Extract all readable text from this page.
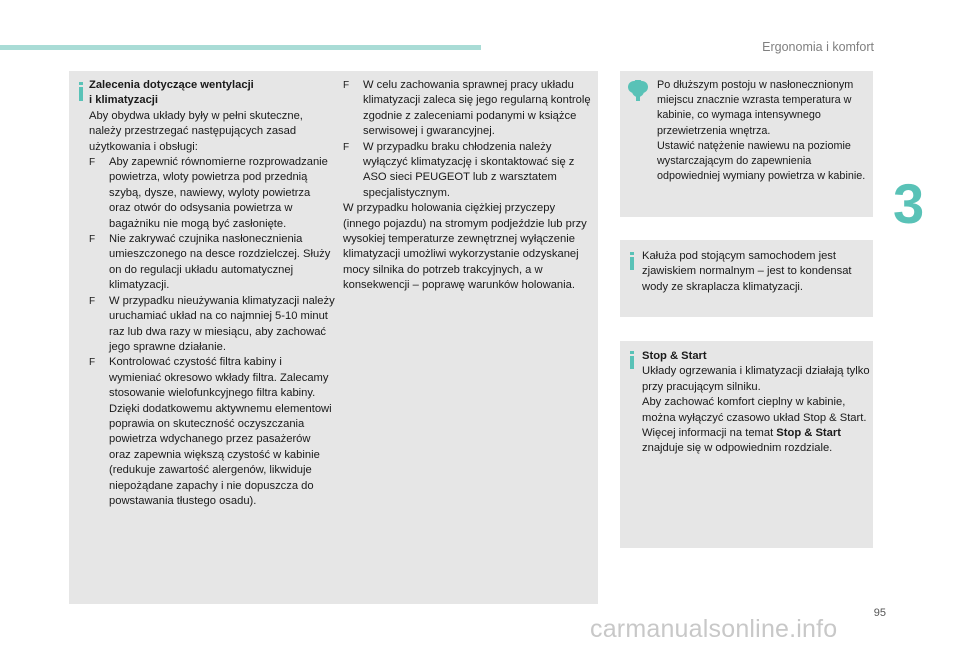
Ergonomia i komfort
3

Zalecenia dotyczące wentylacji

i klimatyzacji

Aby obydwa układy były w pełni skuteczne, należy przestrzegać następujących zasad użytkowania i obsługi:

F	Aby zapewnić równomierne rozprowadzanie powietrza, wloty powietrza pod przednią szybą, dysze, nawiewy, wyloty powietrza oraz otwór do odsysania powietrza w bagażniku nie mogą być zasłonięte.
F	Nie zakrywać czujnika nasłonecznienia umieszczonego na desce rozdzielczej. Służy on do regulacji układu automatycznej klimatyzacji.
F	W przypadku nieużywania klimatyzacji należy uruchamiać układ na co najmniej 5-10 minut raz lub dwa razy w miesiącu, aby zachować jego sprawne działanie.
F	Kontrolować czystość filtra kabiny i wymieniać okresowo wkłady filtra. Zalecamy stosowanie wielofunkcyjnego filtra kabiny. Dzięki dodatkowemu aktywnemu elementowi poprawia on skuteczność oczyszczania powietrza wdychanego przez pasażerów oraz zapewnia większą czystość w kabinie (redukuje zawartość alergenów, likwiduje niepożądane zapachy i nie dopuszcza do powstawania tłustego osadu).
F	W celu zachowania sprawnej pracy układu klimatyzacji zaleca się jego regularną kontrolę zgodnie z zaleceniami podanymi w książce serwisowej i gwarancyjnej.
F	W przypadku braku chłodzenia należy wyłączyć klimatyzację i skontaktować się z ASO sieci PEUGEOT lub z warsztatem specjalistycznym.

W przypadku holowania ciężkiej przyczepy (innego pojazdu) na stromym podjeździe lub przy wysokiej temperaturze zewnętrznej wyłączenie klimatyzacji umożliwi wykorzystanie odzyskanej mocy silnika do potrzeb trakcyjnych, a w konsekwencji – poprawę warunków holowania.

Po dłuższym postoju w nasłonecznionym miejscu znacznie wzrasta temperatura w kabinie, co wymaga intensywnego przewietrzenia wnętrza.

Ustawić natężenie nawiewu na poziomie wystarczającym do zapewnienia odpowiedniej wymiany powietrza w kabinie.

Kałuża pod stojącym samochodem jest zjawiskiem normalnym – jest to kondensat wody ze skraplacza klimatyzacji.

Stop & Start

Układy ogrzewania i klimatyzacji działają tylko przy pracującym silniku.

Aby zachować komfort cieplny w kabinie, można wyłączyć czasowo układ Stop & Start.

Więcej informacji na temat Stop & Start znajduje się w odpowiednim rozdziale.

95
carmanualsonline.info
